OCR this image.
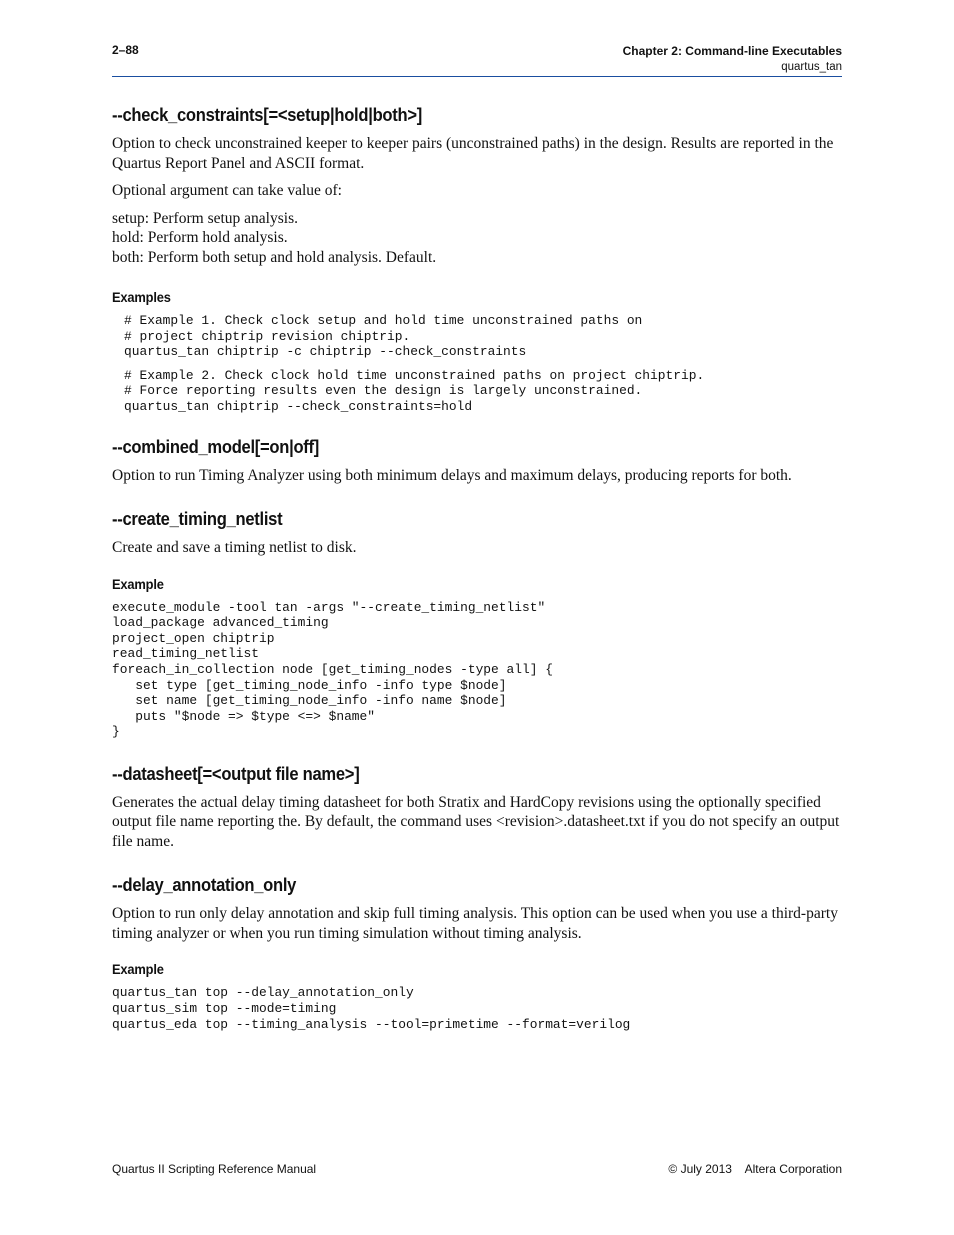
2–88	Chapter 2: Command-line Executables
quartus_tan
--check_constraints[=<setup|hold|both>]

Option to check unconstrained keeper to keeper pairs (unconstrained paths) in the design. Results are reported in the Quartus Report Panel and ASCII format.

Optional argument can take value of:

setup: Perform setup analysis.

hold: Perform hold analysis.

both: Perform both setup and hold analysis. Default.

Examples
# Example 1. Check clock setup and hold time unconstrained paths on
# project chiptrip revision chiptrip.
quartus_tan chiptrip -c chiptrip --check_constraints
# Example 2. Check clock hold time unconstrained paths on project chiptrip.
# Force reporting results even the design is largely unconstrained.
quartus_tan chiptrip --check_constraints=hold
--combined_model[=on|off]

Option to run Timing Analyzer using both minimum delays and maximum delays, producing reports for both.

--create_timing_netlist

Create and save a timing netlist to disk.

Example
execute_module -tool tan -args "--create_timing_netlist"
load_package advanced_timing
project_open chiptrip
read_timing_netlist
foreach_in_collection node [get_timing_nodes -type all] {
set type [get_timing_node_info -info type $node]
set name [get_timing_node_info -info name $node]
puts "$node => $type <=> $name"
}
--datasheet[=<output file name>]

Generates the actual delay timing datasheet for both Stratix and HardCopy revisions using the optionally specified output file name reporting the. By default, the command uses <revision>.datasheet.txt if you do not specify an output file name.

--delay_annotation_only

Option to run only delay annotation and skip full timing analysis. This option can be used when you use a third-party timing analyzer or when you run timing simulation without timing analysis.

Example
quartus_tan top --delay_annotation_only
quartus_sim top --mode=timing
quartus_eda top --timing_analysis --tool=primetime --format=verilog
Quartus II Scripting Reference Manual	© July 2013    Altera Corporation
